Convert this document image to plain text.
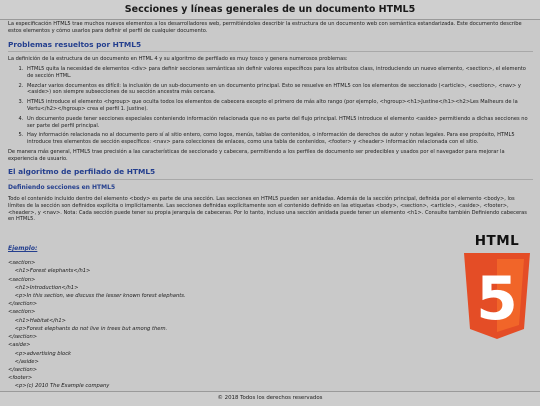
Secciones y líneas generales de un documento HTML5

La especificación HTML5 trae muchos nuevos elementos a los desarrolladores web, permitiéndoles describir la estructura de un documento web con semántica estandarizada. Este documento describe estos elementos y cómo usarlos para definir el perfil de cualquier documento.

Problemas resueltos por HTML5

La definición de la estructura de un documento en HTML 4 y su algoritmo de perfilado es muy tosco y genera numerosos problemas:

1. HTML5 quita la necesidad de elementos <div> para definir secciones semánticas sin definir valores específicos para los atributos class, introduciendo un nuevo elemento, <section>, el elemento de sección HTML.
2. Mezclar varios documentos es difícil: la inclusión de un sub-documento en un documento principal. Esto se resuelve en HTML5 con los elementos de seccionado (<article>, <section>, <nav> y <aside>) son siempre subsecciones de su sección ancestra más cercana.
3. HTML5 introduce el elemento <hgroup> que oculta todos los elementos de cabecera excepto el primero de más alto rango (por ejemplo, <hgroup><h1>Justine</h1><h2>Les Malheurs de la Vertu</h2></hgroup> crea el perfil 1. Justine).
4. Un documento puede tener secciones especiales conteniendo información relacionada que no es parte del flujo principal. HTML5 introduce el elemento <aside> permitiendo a dichas secciones no ser parte del perfil principal.
5. Hay información relacionada no al documento pero sí al sitio entero, como logos, menús, tablas de contenidos, o información de derechos de autor y notas legales. Para ese propósito, HTML5 introduce tres elementos de sección específicos: <nav> para colecciones de enlaces, como una tabla de contenidos, <footer> y <header> información relacionada con el sitio.

De manera más general, HTML5 trae precisión a las características de seccionado y cabecera, permitiendo a los perfiles de documento ser predecibles y usados por el navegador para mejorar la experiencia de usuario.

El algoritmo de perfilado de HTML5
Definiendo secciones en HTML5

Todo el contenido incluido dentro del elemento <body> es parte de una sección. Las secciones en HTML5 pueden ser anidadas. Además de la sección principal, definida por el elemento <body>, los límites de la sección son definidos explícita o implícitamente. Las secciones definidas explícitamente son el contenido definido en las etiquetas <body>, <section>, <article>, <aside>, <footer>, <header>, y <nav>. Nota: Cada sección puede tener su propia jerarquía de cabeceras. Por lo tanto, incluso una sección anidada puede tener un elemento <h1>. Consulte también Definiendo cabeceras en HTML5.

Ejemplo:
<section>
<h1>Forest elephants</h1>
<section>
<h1>Introduction</h1>
<p>In this section, we discuss the lesser known forest elephants.
</section>
<section>
<h1>Habitat</h1>
<p>Forest elephants do not live in trees but among them.
</section>
<aside>
<p>advertising block
</aside>
</section>
<footer>
<p>(c) 2010 The Example company
HTML
5
© 2018 Todos los derechos reservados
